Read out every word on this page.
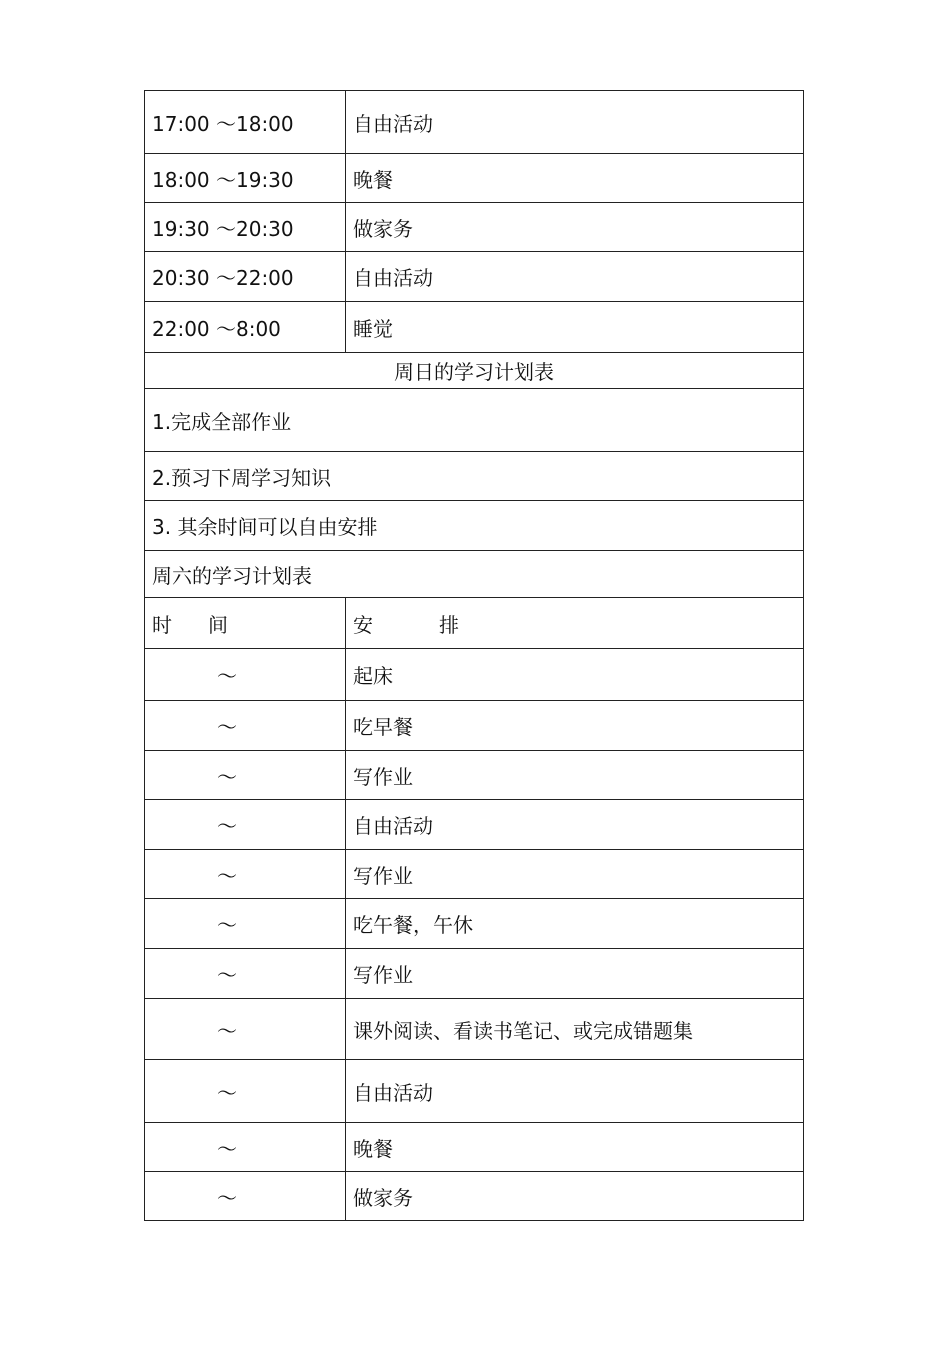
17:00 ～18:00	自由活动
18:00 ～19:30	晚餐
19:30 ～20:30	做家务
20:30 ～22:00	自由活动
22:00 ～8:00	睡觉
周日的学习计划表	
1.完成全部作业	
2.预习下周学习知识	
3. 其余时间可以自由安排	
周六的学习计划表	
时 间	安 排
～	起床
～	吃早餐
～	写作业
～	自由活动
～	写作业
～	吃午餐，午休
～	写作业
～	课外阅读、看读书笔记、或完成错题集
～	自由活动
～	晚餐
～	做家务
